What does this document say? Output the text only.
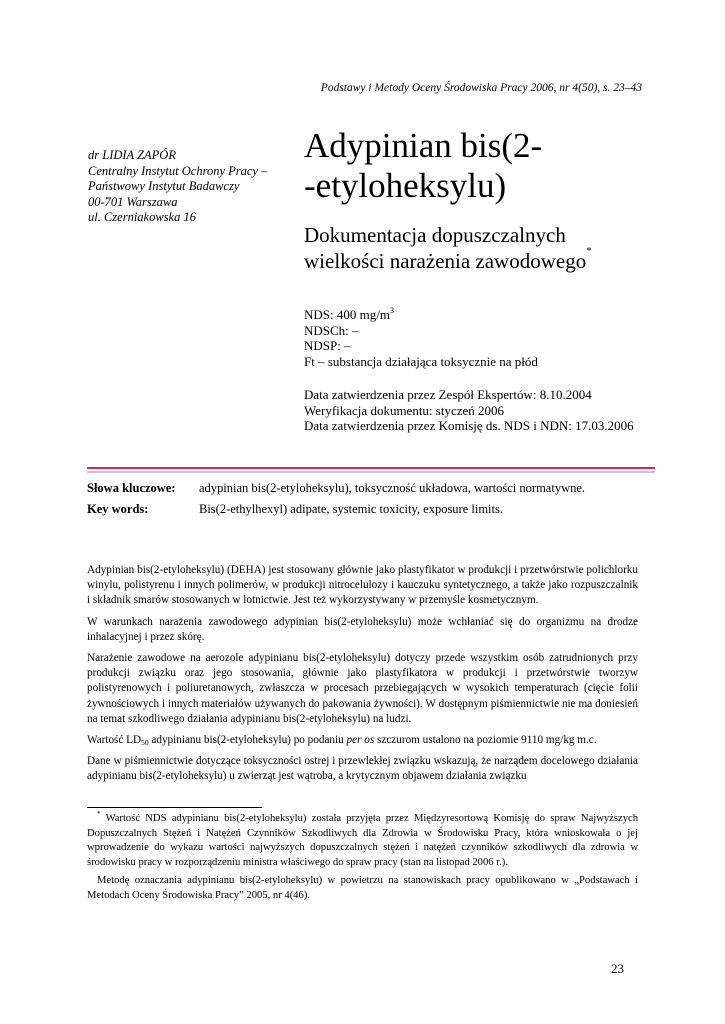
Podstawy i Metody Oceny Środowiska Pracy 2006, nr 4(50), s. 23–43
dr LIDIA ZAPÓR
Centralny Instytut Ochrony Pracy –
Państwowy Instytut Badawczy
00-701 Warszawa
ul. Czerniakowska 16
Adypinian bis(2-
-etyloheksylu)
Dokumentacja dopuszczalnych
wielkości narażenia zawodowego*
NDS: 400 $mg/m^3$
NDSCh: –
NDSP: –
Ft – substancja działająca toksycznie na płód
Data zatwierdzenia przez Zespół Ekspertów: 8.10.2004
Weryfikacja dokumentu: styczeń 2006
Data zatwierdzenia przez Komisję ds. NDS i NDN: 17.03.2006
Słowa kluczowe: adypinian bis(2-etyloheksylu), toksyczność układowa, wartości normatywne.
Key words:	Bis(2-ethylhexyl) adipate, systemic toxicity, exposure limits.

Adypinian bis(2-etyloheksylu) (DEHA) jest stosowany głównie jako plastyfikator w produkcji i przetwórstwie polichlorku winylu, polistyrenu i innych polimerów, w produkcji nitrocelulozy i kauczuku syntetycznego, a także jako rozpuszczalnik i składnik smarów stosowanych w lotnictwie. Jest też wykorzystywany w przemyśle kosmetycznym.

W warunkach narażenia zawodowego adypinian bis(2-etyloheksylu) może wchłaniać się do organizmu na drodze inhalacyjnej i przez skórę.

Narażenie zawodowe na aerozole adypinianu bis(2-etyloheksylu) dotyczy przede wszystkim osób zatrudnionych przy produkcji związku oraz jego stosowania, głównie jako plastyfikatora w produkcji i przetwórstwie tworzyw polistyrenowych i poliuretanowych, zwłaszcza w procesach przebiegających w wysokich temperaturach (cięcie folii żywnościowych i innych materiałów używanych do pakowania żywności). W dostępnym piśmiennictwie nie ma doniesień na temat szkodliwego działania adypinianu bis(2-etyloheksylu) na ludzi.

Wartość $LD_{50}$ adypinianu bis(2-etyloheksylu) po podaniu per os szczurom ustalono na poziomie 9110 mg/kg m.c.

Dane w piśmiennictwie dotyczące toksyczności ostrej i przewlekłej związku wskazują, że narządem docelowego działania adypinianu bis(2-etyloheksylu) u zwierząt jest wątroba, a krytycznym objawem działania związku

* Wartość NDS adypinianu bis(2-etyloheksylu) została przyjęta przez Międzyresortową Komisję do spraw Najwyższych Dopuszczalnych Stężeń i Natężeń Czynników Szkodliwych dla Zdrowia w Środowisku Pracy, która wnioskowała o jej wprowadzenie do wykazu wartości najwyższych dopuszczalnych stężeń i natężeń czynników szkodliwych dla zdrowia w środowisku pracy w rozporządzeniu ministra właściwego do spraw pracy (stan na listopad 2006 r.).

Metodę oznaczania adypinianu bis(2-etyloheksylu) w powietrzu na stanowiskach pracy opublikowano w „Podstawach i Metodach Oceny Środowiska Pracy” 2005, nr 4(46).

23
